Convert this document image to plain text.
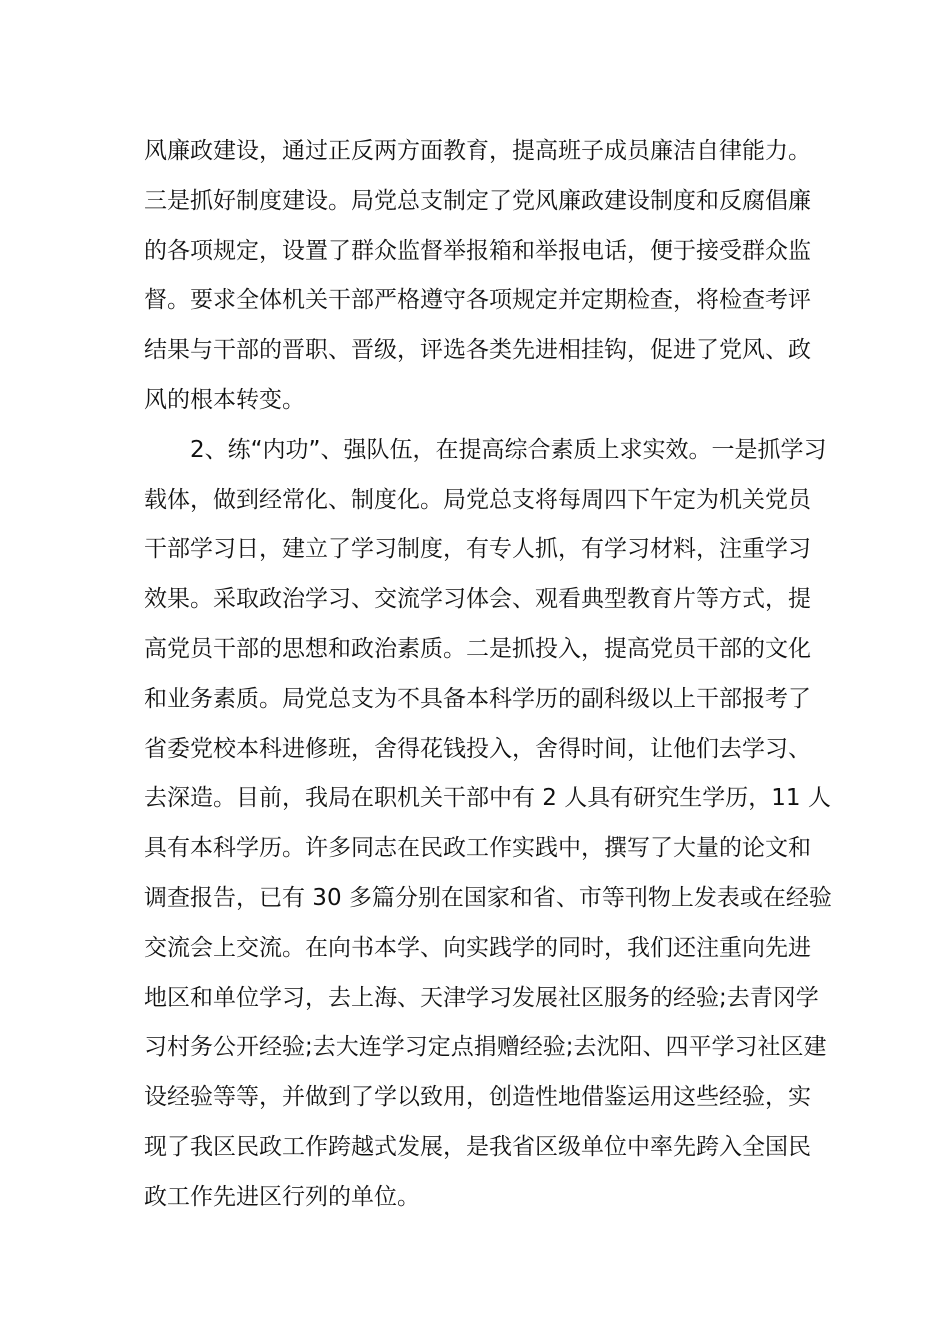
风廉政建设，通过正反两方面教育，提高班子成员廉洁自律能力。
三是抓好制度建设。局党总支制定了党风廉政建设制度和反腐倡廉
的各项规定，设置了群众监督举报箱和举报电话，便于接受群众监
督。要求全体机关干部严格遵守各项规定并定期检查，将检查考评
结果与干部的晋职、晋级，评选各类先进相挂钩，促进了党风、政
风的根本转变。
2、练“内功”、强队伍，在提高综合素质上求实效。一是抓学习
载体，做到经常化、制度化。局党总支将每周四下午定为机关党员
干部学习日，建立了学习制度，有专人抓，有学习材料，注重学习
效果。采取政治学习、交流学习体会、观看典型教育片等方式，提
高党员干部的思想和政治素质。二是抓投入，提高党员干部的文化
和业务素质。局党总支为不具备本科学历的副科级以上干部报考了
省委党校本科进修班，舍得花钱投入，舍得时间，让他们去学习、
去深造。目前，我局在职机关干部中有 2 人具有研究生学历，11 人
具有本科学历。许多同志在民政工作实践中，撰写了大量的论文和
调查报告，已有 30 多篇分别在国家和省、市等刊物上发表或在经验
交流会上交流。在向书本学、向实践学的同时，我们还注重向先进
地区和单位学习，去上海、天津学习发展社区服务的经验;去青冈学
习村务公开经验;去大连学习定点捐赠经验;去沈阳、四平学习社区建
设经验等等，并做到了学以致用，创造性地借鉴运用这些经验，实
现了我区民政工作跨越式发展，是我省区级单位中率先跨入全国民
政工作先进区行列的单位。
